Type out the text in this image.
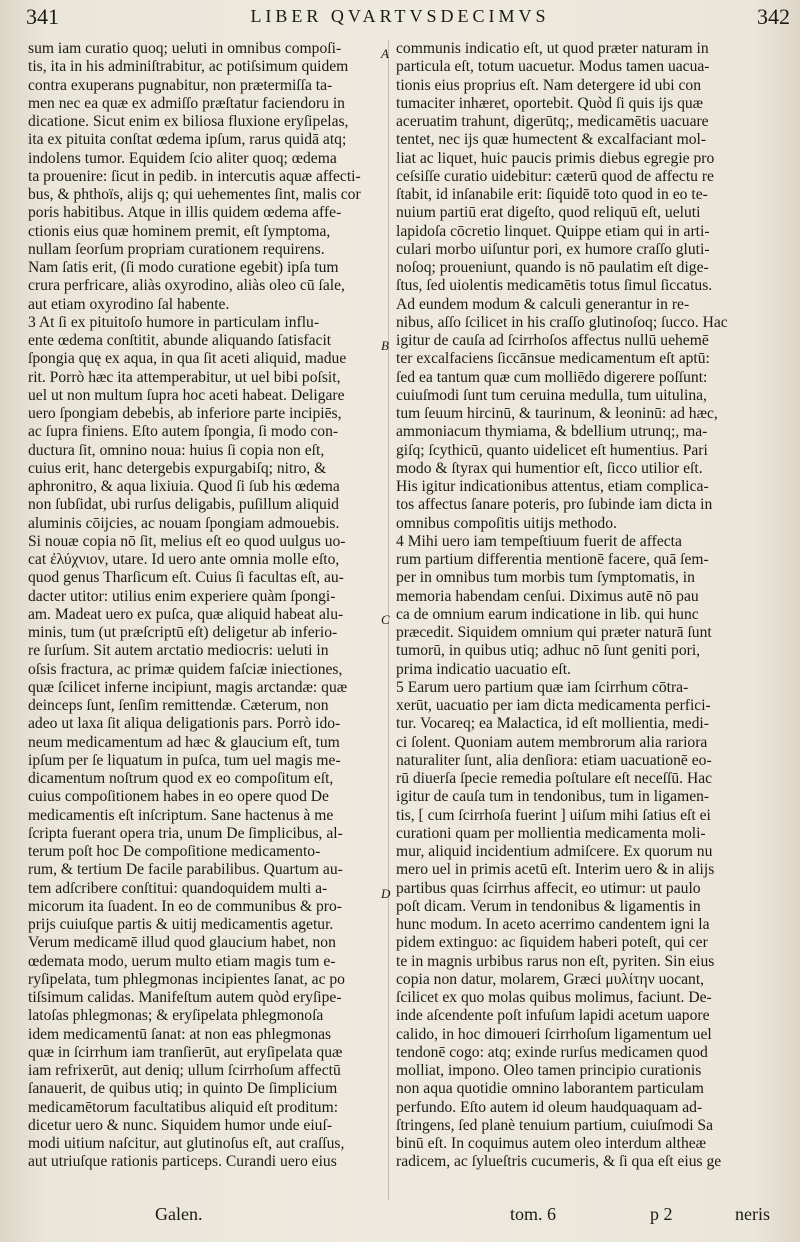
341	LIBER QVARTVSDECIMVS	342
sum iam curatio quoq; ueluti in omnibus compoſi-
tis, ita in his adminiſtrabitur, ac potiſsimum quidem
contra exuperans pugnabitur, non prætermiſſa ta-
men nec ea quæ ex admiſſo præſtatur faciendoru in
dicatione. Sicut enim ex biliosa fluxione eryſipelas,
ita ex pituita conſtat œdema ipſum, rarus quidā atq;
indolens tumor. Equidem ſcio aliter quoq; œdema
ta prouenire: ſicut in pedib. in intercutis aquæ affecti-
bus, & phthoïs, alijs q; qui uehementes ſint, malis cor
poris habitibus. Atque in illis quidem œdema affe-
ctionis eius quæ hominem premit, eſt ſymptoma,
nullam ſeorſum propriam curationem requirens.
Nam ſatis erit, (ſi modo curatione egebit) ipſa tum
crura perfricare, aliàs oxyrodino, aliàs oleo cū ſale,
aut etiam oxyrodino ſal habente.
3 At ſi ex pituitoſo humore in particulam influ-
ente œdema conſtitit, abunde aliquando ſatisfacit
ſpongia quę ex aqua, in qua ſit aceti aliquid, madue
rit. Porrò hæc ita attemperabitur, ut uel bibi poſsit,
uel ut non multum ſupra hoc aceti habeat. Deligare
uero ſpongiam debebis, ab inferiore parte incipiēs,
ac ſupra finiens. Eſto autem ſpongia, ſi modo con-
ducturа ſit, omnino noua: huius ſi copia non eſt,
cuius erit, hanc detergebis expurgabiſq; nitro, &
aphronitro, & aqua lixiuia. Quod ſi ſub his œdema
non ſubſidat, ubi rurſus deligabis, puſillum aliquid
aluminis cōijcies, ac nouam ſpongiam admouebis.
Si nouæ copia nō ſit, melius eſt eo quod uulgus uo-
cat ἐλύχνιον, utare. Id uero ante omnia molle eſto,
quod genus Tharſicum eſt. Cuius ſi facultas eſt, au-
dacter utitor: utilius enim experiere quàm ſpongi-
am. Madeat uero ex puſca, quæ aliquid habeat alu-
minis, tum (ut præſcriptū eſt) deligetur ab inferio-
re ſurſum. Sit autem arctatio mediocris: ueluti in
oſsis fractura, ac primæ quidem faſciæ iniectiones,
quæ ſcilicet inferne incipiunt, magis arctandæ: quæ
deinceps ſunt, ſenſim remittendæ. Cæterum, non
adeo ut laxa ſit aliqua deligationis pars. Porrò ido-
neum medicamentum ad hæc & glaucium eſt, tum
ipſum per ſe liquatum in puſca, tum uel magis me-
dicamentum noſtrum quod ex eo compoſitum eſt,
cuius compoſitionem habes in eo opere quod De
medicamentis eſt inſcriptum. Sane hactenus à me
ſcripta fuerant opera tria, unum De ſimplicibus, al-
terum poſt hoc De compoſitione medicamento-
rum, & tertium De facile parabilibus. Quartum au-
tem adſcribere conſtitui: quandoquidem multi a-
micorum ita ſuadent. In eo de communibus & pro-
prijs cuiuſque partis & uitij medicamentis agetur.
Verum medicamē illud quod glaucium habet, non
œdemata modo, uerum multo etiam magis tum e-
ryſipelata, tum phlegmonas incipientes ſanat, ac po
tiſsimum calidas. Manifeſtum autem quòd eryſipe-
latoſas phlegmonas; & eryſipelata phlegmonoſa
idem medicamentū ſanat: at non eas phlegmonas
quæ in ſcirrhum iam tranſierūt, aut eryſipelata quæ
iam refrixerūt, aut deniq; ullum ſcirrhoſum affectū
ſanauerit, de quibus utiq; in quinto De ſimplicium
medicamētorum facultatibus aliquid eſt proditum:
dicetur uero & nunc. Siquidem humor unde eiuſ-
modi uitium naſcitur, aut glutinoſus eſt, aut craſſus,
aut utriuſque rationis particeps. Curandi uero eius
communis indicatio eſt, ut quod præter naturam in
particula eſt, totum uacuetur. Modus tamen uacua-
tionis eius proprius eſt. Nam detergere id ubi con
tumaciter inhæret, oportebit. Quòd ſi quis ijs quæ
aceruatim trahunt, digerūtq;, medicamētis uacuare
tentet, nec ijs quæ humectent & excalfaciant mol-
liat ac liquet, huic paucis primis diebus egregie pro
ceſsiſſe curatio uidebitur: cæterū quod de affectu re
ſtabit, id inſanabile erit: ſiquidē toto quod in eo te-
nuium partiū erat digeſto, quod reliquū eſt, ueluti
lapidoſa cōcretio linquet. Quippe etiam qui in arti-
culari morbo uiſuntur pori, ex humore craſſo gluti-
noſoq; proueniunt, quando is nō paulatim eſt dige-
ſtus, ſed uiolentis medicamētis totus ſimul ſiccatus.
Ad eundem modum & calculi generantur in re-
nibus, aſſo ſcilicet in his craſſo glutinoſoq; ſucco. Hac
igitur de cauſa ad ſcirrhoſos affectus nullū uehemē
ter excalfaciens ſiccānsue medicamentum eſt aptū:
ſed ea tantum quæ cum molliēdo digerere poſſunt:
cuiuſmodi ſunt tum ceruina medulla, tum uitulina,
tum ſeuum hircinū, & taurinum, & leoninū: ad hæc,
ammoniacum thymiama, & bdellium utrunq;, ma-
giſq; ſcythicū, quanto uidelicet eſt humentius. Pari
modo & ſtyrax qui humentior eſt, ſicco utilior eſt.
His igitur indicationibus attentus, etiam complica-
tos affectus ſanare poteris, pro ſubinde iam dicta in
omnibus compoſitis uitijs methodo.
4 Mihi uero iam tempeſtiuum fuerit de affecta
rum partium differentia mentionē facere, quā ſem-
per in omnibus tum morbis tum ſymptomatis, in
memoria habendam cenſui. Diximus autē nō pau
ca de omnium earum indicatione in lib. qui hunc
præcedit. Siquidem omnium qui præter naturā ſunt
tumorū, in quibus utiq; adhuc nō ſunt geniti pori,
prima indicatio uacuatio eſt.
5 Earum uero partium quæ iam ſcirrhum cōtra-
xerūt, uacuatio per iam dicta medicamenta perfici-
tur. Vocareq; ea Malactica, id eſt mollientia, medi-
ci ſolent. Quoniam autem membrorum alia rariora
naturaliter ſunt, alia denſiora: etiam uacuationē eo-
rū diuerſa ſpecie remedia poſtulare eſt neceſſū. Hac
igitur de cauſa tum in tendonibus, tum in ligamen-
tis, [ cum ſcirrhoſa fuerint ] uiſum mihi ſatius eſt ei
curationi quam per mollientia medicamenta moli-
mur, aliquid incidentium admiſcere. Ex quorum nu
mero uel in primis acetū eſt. Interim uero & in alijs
partibus quas ſcirrhus affecit, eo utimur: ut paulo
poſt dicam. Verum in tendonibus & ligamentis in
hunc modum. In aceto acerrimo candentem igni la
pidem extinguo: ac ſiquidem haberi poteſt, qui cer
te in magnis urbibus rarus non eſt, pyriten. Sin eius
copia non datur, molarem, Græci μυλίτην uocant,
ſcilicet ex quo molas quibus molimus, faciunt. De-
inde aſcendente poſt infuſum lapidi acetum uapore
calido, in hoc dimoueri ſcirrhoſum ligamentum uel
tendonē cogo: atq; exinde rurſus medicamen quod
molliat, impono. Oleo tamen principio curationis
non aqua quotidie omnino laborantem particulam
perfundo. Eſto autem id oleum haudquaquam ad-
ſtringens, ſed planè tenuium partium, cuiuſmodi Sa
binū eſt. In coquimus autem oleo interdum altheæ
radicem, ac ſylueſtris cucumeris, & ſi qua eſt eius ge
A
B
C
D
Galen.	tom. 6	p 2	neris
